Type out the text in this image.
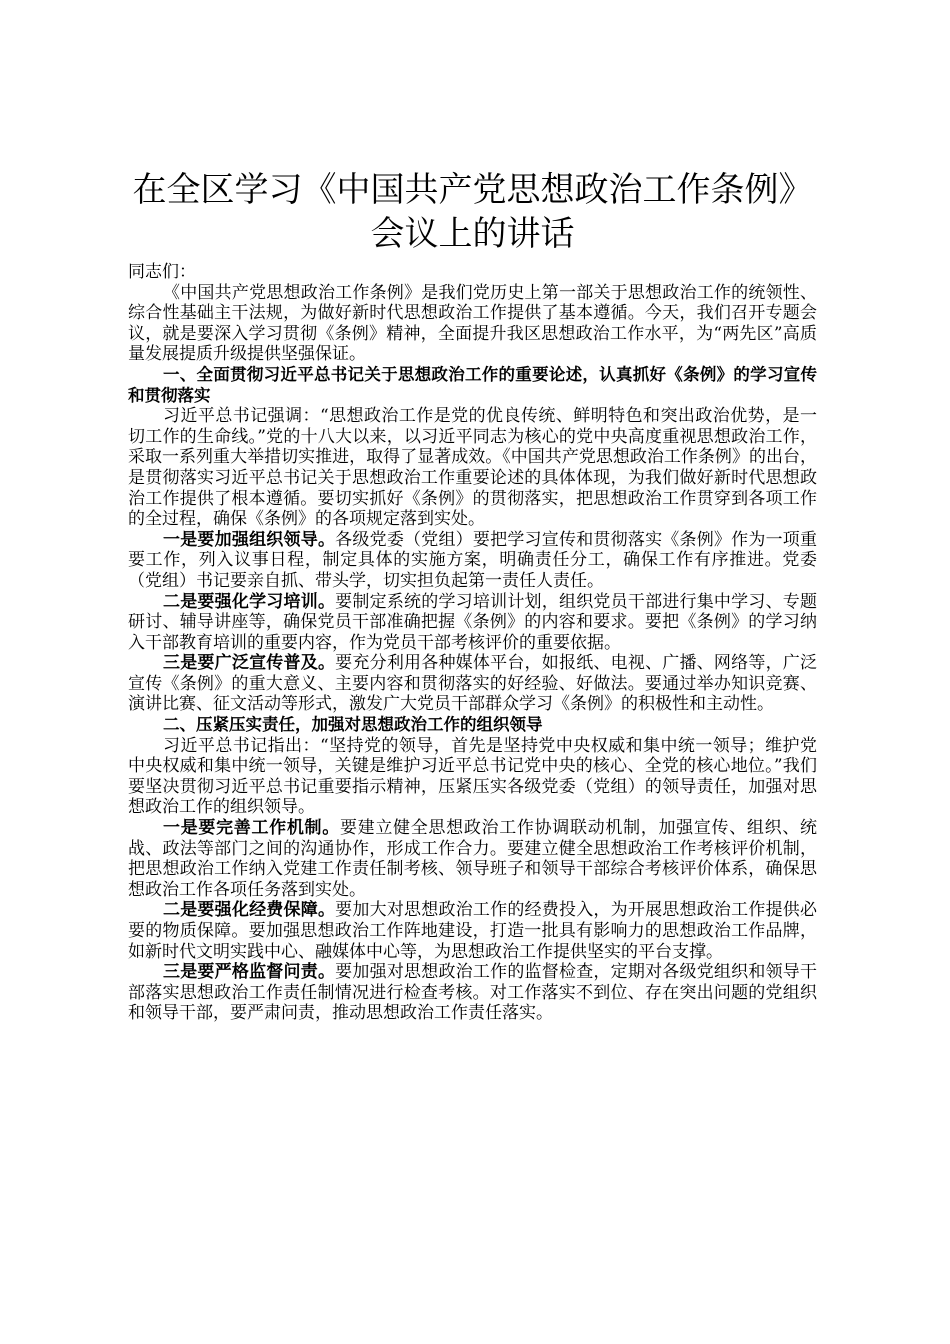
在全区学习《中国共产党思想政治工作条例》
会议上的讲话

同志们：

《中国共产党思想政治工作条例》是我们党历史上第一部关于思想政治工作的统领性、综合性基础主干法规，为做好新时代思想政治工作提供了基本遵循。今天，我们召开专题会议，就是要深入学习贯彻《条例》精神，全面提升我区思想政治工作水平，为“两先区”高质量发展提质升级提供坚强保证。

一、全面贯彻习近平总书记关于思想政治工作的重要论述，认真抓好《条例》的学习宣传和贯彻落实

习近平总书记强调：“思想政治工作是党的优良传统、鲜明特色和突出政治优势，是一切工作的生命线。”党的十八大以来，以习近平同志为核心的党中央高度重视思想政治工作，采取一系列重大举措切实推进，取得了显著成效。《中国共产党思想政治工作条例》的出台，是贯彻落实习近平总书记关于思想政治工作重要论述的具体体现，为我们做好新时代思想政治工作提供了根本遵循。要切实抓好《条例》的贯彻落实，把思想政治工作贯穿到各项工作的全过程，确保《条例》的各项规定落到实处。

一是要加强组织领导。各级党委（党组）要把学习宣传和贯彻落实《条例》作为一项重要工作，列入议事日程，制定具体的实施方案，明确责任分工，确保工作有序推进。党委（党组）书记要亲自抓、带头学，切实担负起第一责任人责任。

二是要强化学习培训。要制定系统的学习培训计划，组织党员干部进行集中学习、专题研讨、辅导讲座等，确保党员干部准确把握《条例》的内容和要求。要把《条例》的学习纳入干部教育培训的重要内容，作为党员干部考核评价的重要依据。

三是要广泛宣传普及。要充分利用各种媒体平台，如报纸、电视、广播、网络等，广泛宣传《条例》的重大意义、主要内容和贯彻落实的好经验、好做法。要通过举办知识竞赛、演讲比赛、征文活动等形式，激发广大党员干部群众学习《条例》的积极性和主动性。

二、压紧压实责任，加强对思想政治工作的组织领导

习近平总书记指出：“坚持党的领导，首先是坚持党中央权威和集中统一领导；维护党中央权威和集中统一领导，关键是维护习近平总书记党中央的核心、全党的核心地位。”我们要坚决贯彻习近平总书记重要指示精神，压紧压实各级党委（党组）的领导责任，加强对思想政治工作的组织领导。

一是要完善工作机制。要建立健全思想政治工作协调联动机制，加强宣传、组织、统战、政法等部门之间的沟通协作，形成工作合力。要建立健全思想政治工作考核评价机制，把思想政治工作纳入党建工作责任制考核、领导班子和领导干部综合考核评价体系，确保思想政治工作各项任务落到实处。

二是要强化经费保障。要加大对思想政治工作的经费投入，为开展思想政治工作提供必要的物质保障。要加强思想政治工作阵地建设，打造一批具有影响力的思想政治工作品牌，如新时代文明实践中心、融媒体中心等，为思想政治工作提供坚实的平台支撑。

三是要严格监督问责。要加强对思想政治工作的监督检查，定期对各级党组织和领导干部落实思想政治工作责任制情况进行检查考核。对工作落实不到位、存在突出问题的党组织和领导干部，要严肃问责，推动思想政治工作责任落实。
